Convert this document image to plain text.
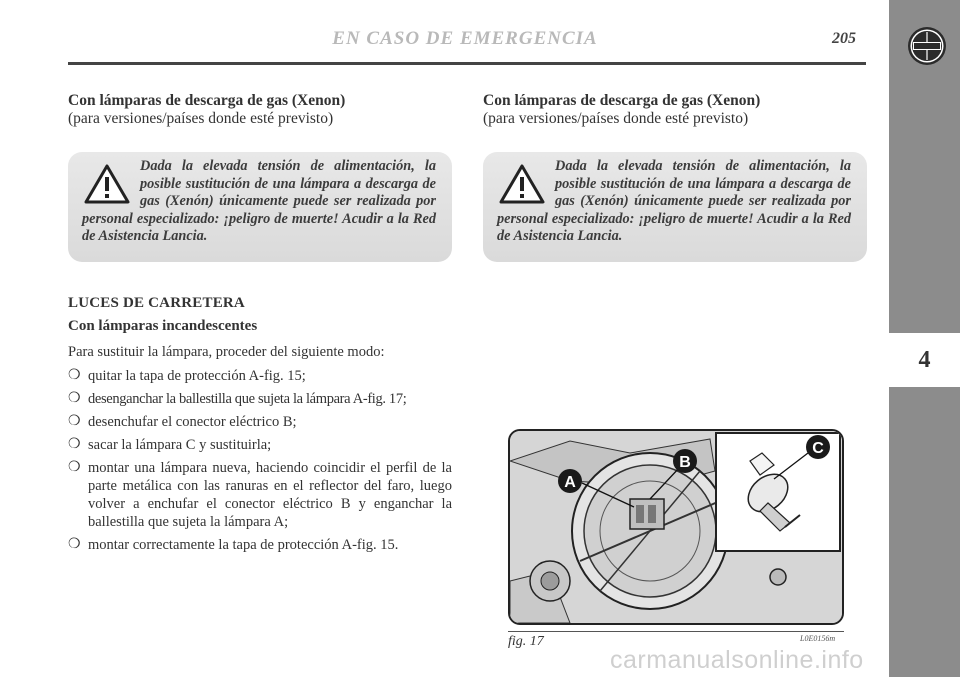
EN CASO DE EMERGENCIA	205
4

Con lámparas de descarga de gas (Xenon)

(para versiones/países donde esté previsto)

Dada la elevada tensión de alimentación, la posible sustitución de una lámpara a descarga de gas (Xenón) únicamente puede ser realizada por personal especializado: ¡peligro de muerte! Acudir a la Red de Asistencia Lancia.

Con lámparas de descarga de gas (Xenon)

(para versiones/países donde esté previsto)

Dada la elevada tensión de alimentación, la posible sustitución de una lámpara a descarga de gas (Xenón) únicamente puede ser realizada por personal especializado: ¡peligro de muerte! Acudir a la Red de Asistencia Lancia.

LUCES DE CARRETERA

Con lámparas incandescentes

Para sustituir la lámpara, proceder del siguiente modo:

❍ quitar la tapa de protección A-fig. 15;
❍ desenganchar la ballestilla que sujeta la lámpara A-fig. 17;
❍ desenchufar el conector eléctrico B;
❍ sacar la lámpara C y sustituirla;
❍ montar una lámpara nueva, haciendo coincidir el perfil de la parte metálica con las ranuras en el reflector del faro, luego volver a enchufar el conector eléctrico B y enganchar la ballestilla que sujeta la lámpara A;
❍ montar correctamente la tapa de protección A-fig. 15.
A
B
C
fig. 17	L0E0156m
carmanualsonline.info
